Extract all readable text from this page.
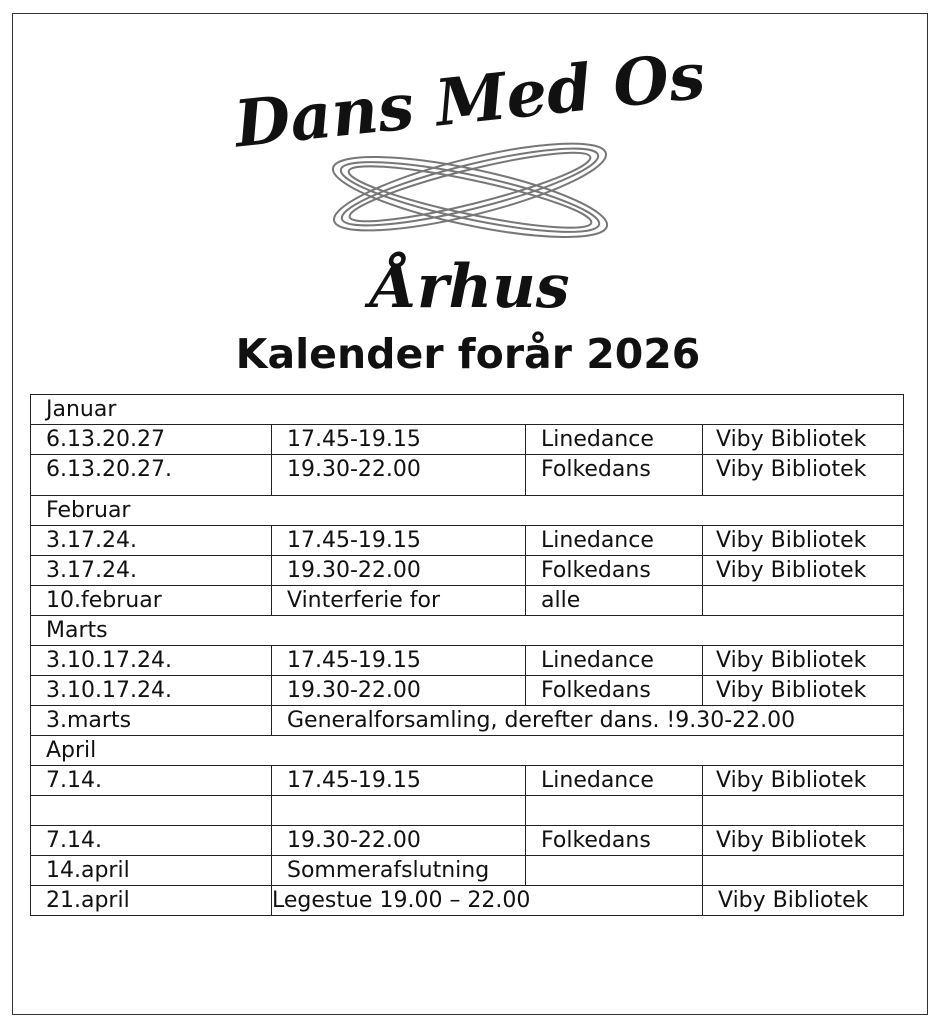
Dans Med Os
Århus
Kalender forår 2026
Januar			
6.13.20.27	17.45-19.15	Linedance	Viby Bibliotek
6.13.20.27.	19.30-22.00	Folkedans	Viby Bibliotek
Februar			
3.17.24.	17.45-19.15	Linedance	Viby Bibliotek
3.17.24.	19.30-22.00	Folkedans	Viby Bibliotek
10.februar	Vinterferie for	alle	
Marts			
3.10.17.24.	17.45-19.15	Linedance	Viby Bibliotek
3.10.17.24.	19.30-22.00	Folkedans	Viby Bibliotek
3.marts	Generalforsamling, derefter dans. !9.30-22.00		
April			
7.14.	17.45-19.15	Linedance	Viby Bibliotek

7.14.	19.30-22.00	Folkedans	Viby Bibliotek
14.april	Sommerafslutning		
21.april	Legestue 19.00 – 22.00		Viby Bibliotek
